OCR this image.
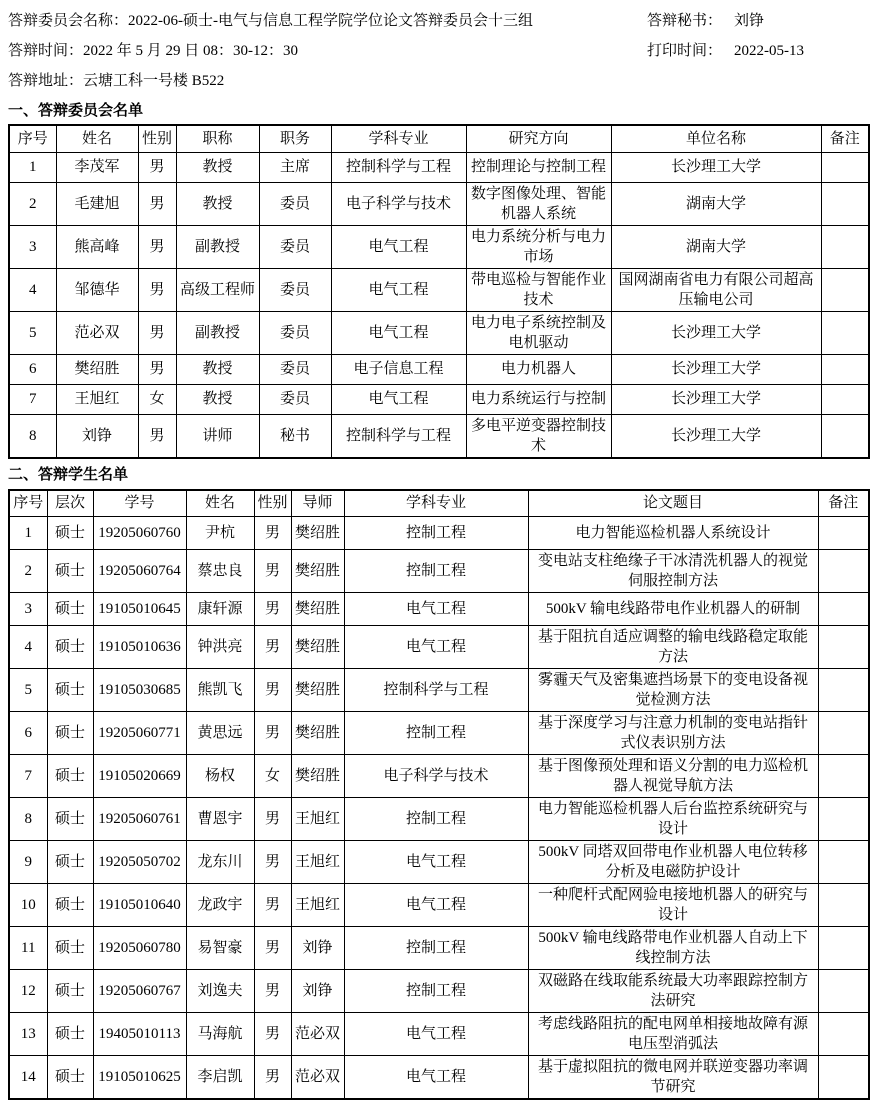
答辩委员会名称：2022-06-硕士-电气与信息工程学院学位论文答辩委员会十三组	答辩秘书： 刘铮
答辩时间：2022 年 5 月 29 日 08：30-12：30	打印时间： 2022-05-13
答辩地址：云塘工科一号楼 B522
一、答辩委员会名单
序号	姓名	性别	职称	职务	学科专业	研究方向	单位名称	备注
1	李茂军	男	教授	主席	控制科学与工程	控制理论与控制工程	长沙理工大学	
2	毛建旭	男	教授	委员	电子科学与技术	数字图像处理、智能机器人系统	湖南大学	
3	熊高峰	男	副教授	委员	电气工程	电力系统分析与电力市场	湖南大学	
4	邹德华	男	高级工程师	委员	电气工程	带电巡检与智能作业技术	国网湖南省电力有限公司超高压输电公司	
5	范必双	男	副教授	委员	电气工程	电力电子系统控制及电机驱动	长沙理工大学	
6	樊绍胜	男	教授	委员	电子信息工程	电力机器人	长沙理工大学	
7	王旭红	女	教授	委员	电气工程	电力系统运行与控制	长沙理工大学	
8	刘铮	男	讲师	秘书	控制科学与工程	多电平逆变器控制技术	长沙理工大学	
二、答辩学生名单
序号	层次	学号	姓名	性别	导师	学科专业	论文题目	备注
1	硕士	19205060760	尹杭	男	樊绍胜	控制工程	电力智能巡检机器人系统设计	
2	硕士	19205060764	蔡忠良	男	樊绍胜	控制工程	变电站支柱绝缘子干冰清洗机器人的视觉伺服控制方法	
3	硕士	19105010645	康轩源	男	樊绍胜	电气工程	500kV 输电线路带电作业机器人的研制	
4	硕士	19105010636	钟洪亮	男	樊绍胜	电气工程	基于阻抗自适应调整的输电线路稳定取能方法	
5	硕士	19105030685	熊凯飞	男	樊绍胜	控制科学与工程	雾霾天气及密集遮挡场景下的变电设备视觉检测方法	
6	硕士	19205060771	黄思远	男	樊绍胜	控制工程	基于深度学习与注意力机制的变电站指针式仪表识别方法	
7	硕士	19105020669	杨权	女	樊绍胜	电子科学与技术	基于图像预处理和语义分割的电力巡检机器人视觉导航方法	
8	硕士	19205060761	曹恩宇	男	王旭红	控制工程	电力智能巡检机器人后台监控系统研究与设计	
9	硕士	19205050702	龙东川	男	王旭红	电气工程	500kV 同塔双回带电作业机器人电位转移分析及电磁防护设计	
10	硕士	19105010640	龙政宇	男	王旭红	电气工程	一种爬杆式配网验电接地机器人的研究与设计	
11	硕士	19205060780	易智豪	男	刘铮	控制工程	500kV 输电线路带电作业机器人自动上下线控制方法	
12	硕士	19205060767	刘逸夫	男	刘铮	控制工程	双磁路在线取能系统最大功率跟踪控制方法研究	
13	硕士	19405010113	马海航	男	范必双	电气工程	考虑线路阻抗的配电网单相接地故障有源电压型消弧法	
14	硕士	19105010625	李启凯	男	范必双	电气工程	基于虚拟阻抗的微电网并联逆变器功率调节研究	
